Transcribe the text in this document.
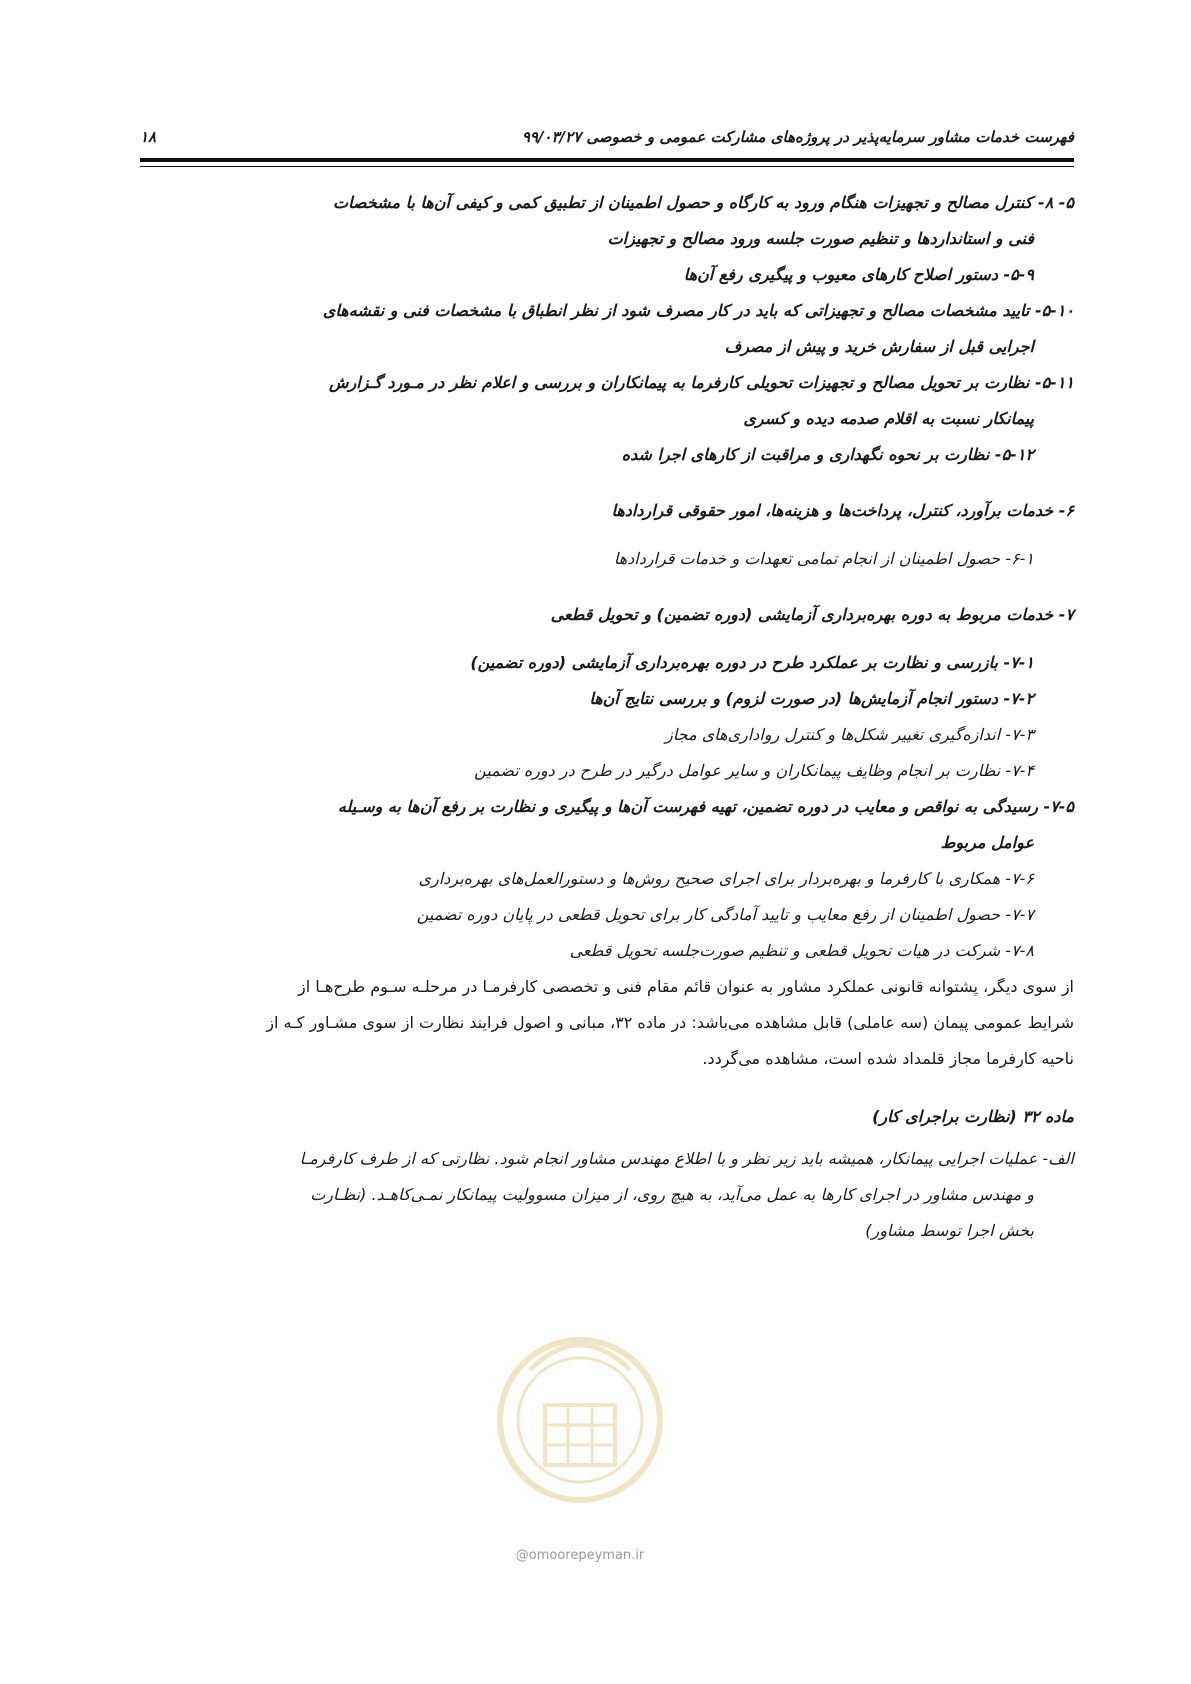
فهرست خدمات مشاور سرمایه‌پذیر در پروژه‌های مشارکت عمومی و خصوصی ۹۹/۰۳/۲۷
۱۸
۵- ۸- کنترل مصالح و تجهیزات هنگام ورود به کارگاه و حصول اطمینان از تطبیق کمی و کیفی آن‌ها با مشخصات
فنی و استانداردها و تنظیم صورت جلسه ورود مصالح و تجهیزات
۵-۹- دستور اصلاح کارهای معیوب و پیگیری رفع آن‌ها
۵-۱۰- تایید مشخصات مصالح و تجهیزاتی که باید در کار مصرف شود از نظر انطباق با مشخصات فنی و نقشه‌های
اجرایی قبل از سفارش خرید و پیش از مصرف
۵-۱۱- نظارت بر تحویل مصالح و تجهیزات تحویلی کارفرما به پیمانکاران و بررسی و اعلام نظر در مـورد گـزارش
پیمانکار نسبت به اقلام صدمه دیده و کسری
۵-۱۲- نظارت بر نحوه نگهداری و مراقبت از کارهای اجرا شده
۶- خدمات برآورد، کنترل، پرداخت‌ها و هزینه‌ها، امور حقوقی قراردادها
۶-۱- حصول اطمینان از انجام تمامی تعهدات و خدمات قراردادها
۷- خدمات مربوط به دوره بهره‌برداری آزمایشی (دوره تضمین) و تحویل قطعی
۷-۱- بازرسی و نظارت بر عملکرد طرح در دوره بهره‌برداری آزمایشی (دوره تضمین)
۷-۲- دستور انجام آزمایش‌ها (در صورت لزوم) و بررسی نتایج آن‌ها
۷-۳- اندازه‌گیری تغییر شکل‌ها و کنترل رواداری‌های مجاز
۷-۴- نظارت بر انجام وظایف پیمانکاران و سایر عوامل درگیر در طرح در دوره تضمین
۷-۵- رسیدگی به نواقص و معایب در دوره تضمین، تهیه فهرست آن‌ها و پیگیری و نظارت بر رفع آن‌ها به وسـیله
عوامل مربوط
۷-۶- همکاری با کارفرما و بهره‌بردار برای اجرای صحیح روش‌ها و دستورالعمل‌های بهره‌برداری
۷-۷- حصول اطمینان از رفع معایب و تایید آمادگی کار برای تحویل قطعی در پایان دوره تضمین
۷-۸- شرکت در هیات تحویل قطعی و تنظیم صورت‌جلسه تحویل قطعی
از سوی دیگر، پشتوانه قانونی عملکرد مشاور به عنوان قائم مقام فنی و تخصصی کارفرمـا در مرحلـه سـوم طرح‌هـا از
شرایط عمومی پیمان (سه عاملی) قابل مشاهده می‌باشد: در ماده ۳۲، مبانی و اصول فرایند نظارت از سوی مشـاور کـه از
ناحیه کارفرما مجاز قلمداد شده است، مشاهده می‌گردد.
ماده ۳۲ (نظارت براجرای کار)
الف- عملیات اجرایی پیمانکار، همیشه باید زیر نظر و با اطلاع مهندس مشاور انجام شود. نظارتی که از طرف کارفرمـا
و مهندس مشاور در اجرای کارها به عمل می‌آید، به هیچ روی، از میزان مسوولیت پیمانکار نمـی‌کاهـد. (نظـارت
بخش اجرا توسط مشاور)
@omoorepeyman.ir
